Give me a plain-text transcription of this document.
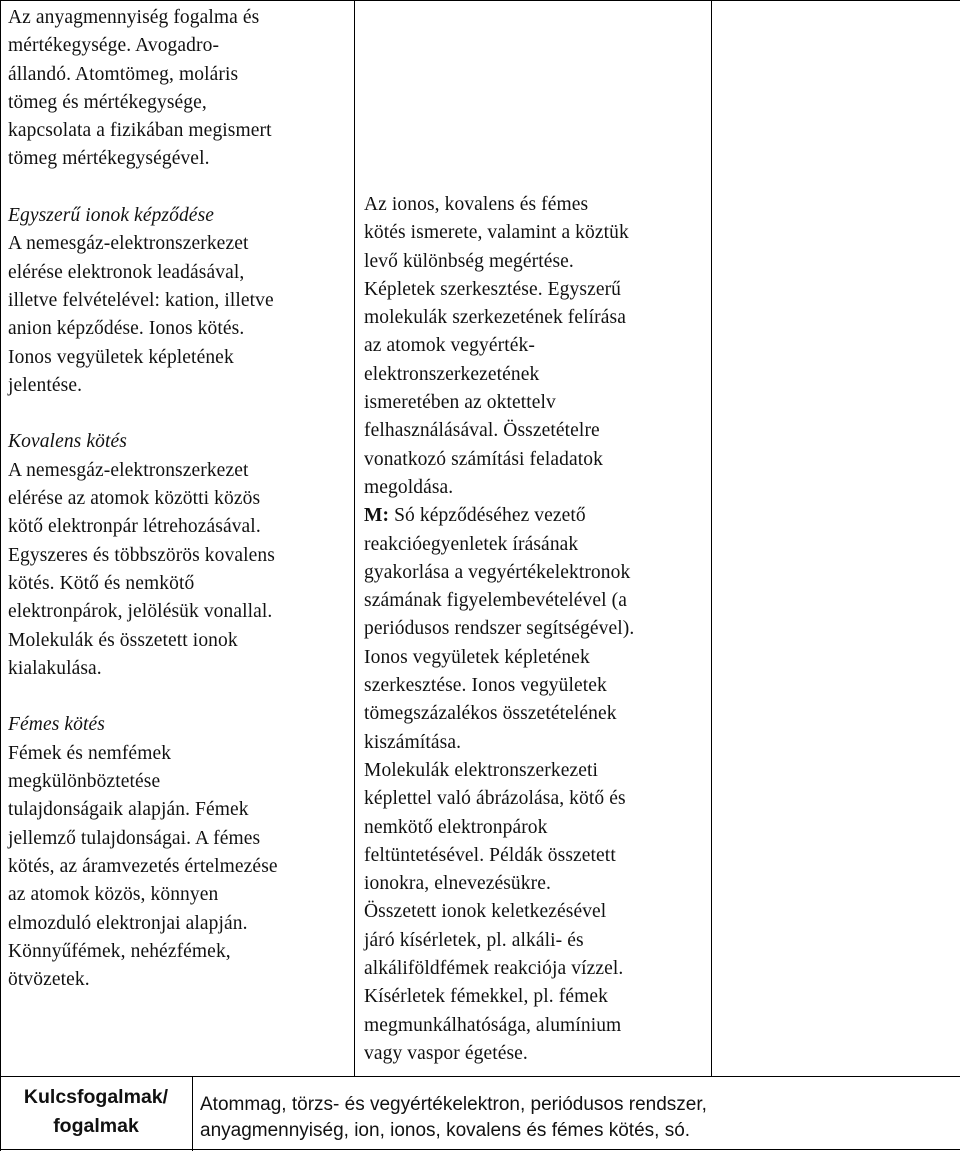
Az anyagmennyiség fogalma és

mértékegysége. Avogadro-

állandó. Atomtömeg, moláris

tömeg és mértékegysége,

kapcsolata a fizikában megismert

tömeg mértékegységével.

Egyszerű ionok képződése

A nemesgáz-elektronszerkezet

elérése elektronok leadásával,

illetve felvételével: kation, illetve

anion képződése. Ionos kötés.

Ionos vegyületek képletének

jelentése.

Kovalens kötés

A nemesgáz-elektronszerkezet

elérése az atomok közötti közös

kötő elektronpár létrehozásával.

Egyszeres és többszörös kovalens

kötés. Kötő és nemkötő

elektronpárok, jelölésük vonallal.

Molekulák és összetett ionok

kialakulása.

Fémes kötés

Fémek és nemfémek

megkülönböztetése

tulajdonságaik alapján. Fémek

jellemző tulajdonságai. A fémes

kötés, az áramvezetés értelmezése

az atomok közös, könnyen

elmozduló elektronjai alapján.

Könnyűfémek, nehézfémek,

ötvözetek.

Az ionos, kovalens és fémes

kötés ismerete, valamint a köztük

levő különbség megértése.

Képletek szerkesztése. Egyszerű

molekulák szerkezetének felírása

az atomok vegyérték-

elektronszerkezetének

ismeretében az oktettelv

felhasználásával. Összetételre

vonatkozó számítási feladatok

megoldása.

M: Só képződéséhez vezető

reakcióegyenletek írásának

gyakorlása a vegyértékelektronok

számának figyelembevételével (a

periódusos rendszer segítségével).

Ionos vegyületek képletének

szerkesztése. Ionos vegyületek

tömegszázalékos összetételének

kiszámítása.

Molekulák elektronszerkezeti

képlettel való ábrázolása, kötő és

nemkötő elektronpárok

feltüntetésével. Példák összetett

ionokra, elnevezésükre.

Összetett ionok keletkezésével

járó kísérletek, pl. alkáli- és

alkáliföldfémek reakciója vízzel.

Kísérletek fémekkel, pl. fémek

megmunkálhatósága, alumínium

vagy vaspor égetése.

Kulcsfogalmak/
fogalmak
Atommag, törzs- és vegyértékelektron, periódusos rendszer,
anyagmennyiség, ion, ionos, kovalens és fémes kötés, só.
